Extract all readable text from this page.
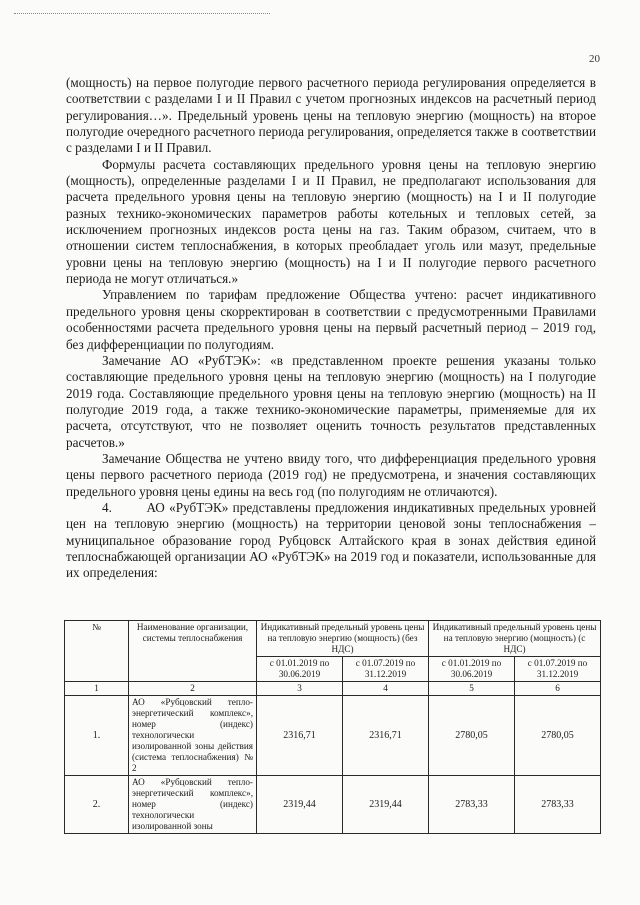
20

(мощность) на первое полугодие первого расчетного периода регулирования определяется в соответствии с разделами I и II Правил с учетом прогнозных индексов на расчетный период регулирования…». Предельный уровень цены на тепловую энергию (мощность) на второе полугодие очередного расчетного периода регулирования, определяется также в соответствии с разделами I и II Правил.

Формулы расчета составляющих предельного уровня цены на тепловую энергию (мощность), определенные разделами I и II Правил, не предполагают использования для расчета предельного уровня цены на тепловую энергию (мощность) на I и II полугодие разных технико-экономических параметров работы котельных и тепловых сетей, за исключением прогнозных индексов роста цены на газ. Таким образом, считаем, что в отношении систем теплоснабжения, в которых преобладает уголь или мазут, предельные уровни цены на тепловую энергию (мощность) на I и II полугодие первого расчетного периода не могут отличаться.»

Управлением по тарифам предложение Общества учтено: расчет индикативного предельного уровня цены скорректирован в соответствии с предусмотренными Правилами особенностями расчета предельного уровня цены на первый расчетный период – 2019 год, без дифференциации по полугодиям.

Замечание АО «РубТЭК»: «в представленном проекте решения указаны только составляющие предельного уровня цены на тепловую энергию (мощность) на I полугодие 2019 года. Составляющие предельного уровня цены на тепловую энергию (мощность) на II полугодие 2019 года, а также технико-экономические параметры, применяемые для их расчета, отсутствуют, что не позволяет оценить точность результатов представленных расчетов.»

Замечание Общества не учтено ввиду того, что дифференциация предельного уровня цены первого расчетного периода (2019 год) не предусмотрена, и значения составляющих предельного уровня цены едины на весь год (по полугодиям не отличаются).

4.	АО «РубТЭК» представлены предложения индикативных предельных уровней цен на тепловую энергию (мощность) на территории ценовой зоны теплоснабжения – муниципальное образование город Рубцовск Алтайского края в зонах действия единой теплоснабжающей организации АО «РубТЭК» на 2019 год и показатели, использованные для их определения:

№	Наименование организации, системы теплоснабжения	Индикативный предельный уровень цены на тепловую энергию (мощность) (без НДС)		Индикативный предельный уровень цены на тепловую энергию (мощность) (с НДС)	
		с 01.01.2019 по 30.06.2019	с 01.07.2019 по 31.12.2019	с 01.01.2019 по 30.06.2019	с 01.07.2019 по 31.12.2019
1	2	3	4	5	6
1.	АО «Рубцовский тепло-энергетический комплекс», номер (индекс) технологически изолированной зоны действия (система теплоснабжения) № 2	2316,71	2316,71	2780,05	2780,05
2.	АО «Рубцовский тепло-энергетический комплекс», номер (индекс) технологически изолированной зоны	2319,44	2319,44	2783,33	2783,33
